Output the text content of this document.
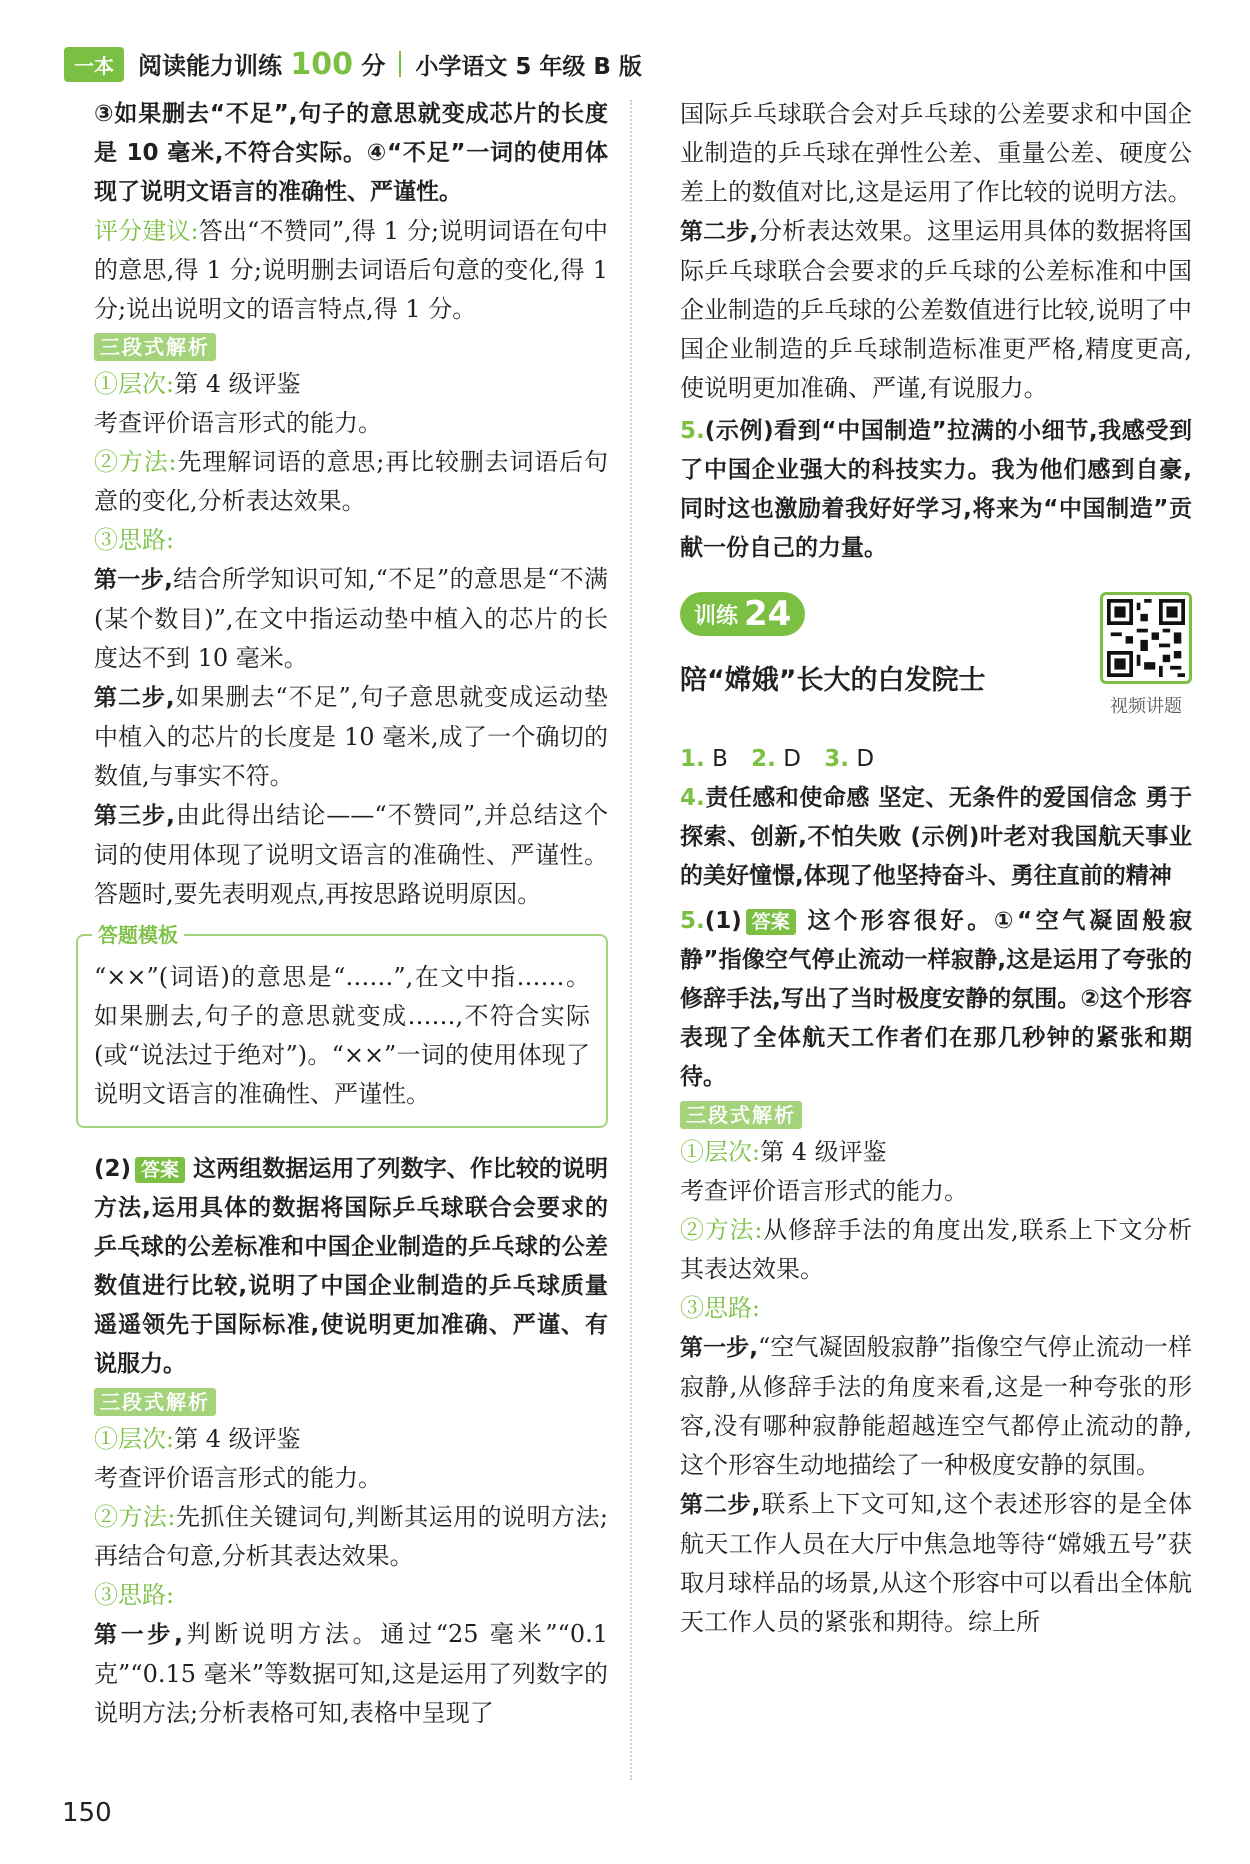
一本	阅读能力训练 100 分 小学语文 5 年级 B 版

③如果删去“不足”,句子的意思就变成芯片的长度是 10 毫米,不符合实际。④“不足”一词的使用体现了说明文语言的准确性、严谨性。

评分建议:答出“不赞同”,得 1 分;说明词语在句中的意思,得 1 分;说明删去词语后句意的变化,得 1 分;说出说明文的语言特点,得 1 分。

三段式解析

①层次:第 4 级评鉴

考查评价语言形式的能力。

②方法:先理解词语的意思;再比较删去词语后句意的变化,分析表达效果。

③思路:

第一步,结合所学知识可知,“不足”的意思是“不满(某个数目)”,在文中指运动垫中植入的芯片的长度达不到 10 毫米。

第二步,如果删去“不足”,句子意思就变成运动垫中植入的芯片的长度是 10 毫米,成了一个确切的数值,与事实不符。

第三步,由此得出结论——“不赞同”,并总结这个词的使用体现了说明文语言的准确性、严谨性。答题时,要先表明观点,再按思路说明原因。

答题模板

“××”(词语)的意思是“……”,在文中指……。如果删去,句子的意思就变成……,不符合实际(或“说法过于绝对”)。“××”一词的使用体现了说明文语言的准确性、严谨性。

(2) 答案 这两组数据运用了列数字、作比较的说明方法,运用具体的数据将国际乒乓球联合会要求的乒乓球的公差标准和中国企业制造的乒乓球的公差数值进行比较,说明了中国企业制造的乒乓球质量遥遥领先于国际标准,使说明更加准确、严谨、有说服力。

三段式解析

①层次:第 4 级评鉴

考查评价语言形式的能力。

②方法:先抓住关键词句,判断其运用的说明方法;再结合句意,分析其表达效果。

③思路:

第一步,判断说明方法。通过“25 毫米”“0.1 克”“0.15 毫米”等数据可知,这是运用了列数字的说明方法;分析表格可知,表格中呈现了

国际乒乓球联合会对乒乓球的公差要求和中国企业制造的乒乓球在弹性公差、重量公差、硬度公差上的数值对比,这是运用了作比较的说明方法。

第二步,分析表达效果。这里运用具体的数据将国际乒乓球联合会要求的乒乓球的公差标准和中国企业制造的乒乓球的公差数值进行比较,说明了中国企业制造的乒乓球制造标准更严格,精度更高,使说明更加准确、严谨,有说服力。

5.(示例)看到“中国制造”拉满的小细节,我感受到了中国企业强大的科技实力。我为他们感到自豪,同时这也激励着我好好学习,将来为“中国制造”贡献一份自己的力量。

训练 24
陪“嫦娥”长大的白发院士
视频讲题
1. B 2. D 3. D

4.责任感和使命感 坚定、无条件的爱国信念 勇于探索、创新,不怕失败 (示例)叶老对我国航天事业的美好憧憬,体现了他坚持奋斗、勇往直前的精神

5.(1) 答案 这个形容很好。①“空气凝固般寂静”指像空气停止流动一样寂静,这是运用了夸张的修辞手法,写出了当时极度安静的氛围。②这个形容表现了全体航天工作者们在那几秒钟的紧张和期待。

三段式解析

①层次:第 4 级评鉴

考查评价语言形式的能力。

②方法:从修辞手法的角度出发,联系上下文分析其表达效果。

③思路:

第一步,“空气凝固般寂静”指像空气停止流动一样寂静,从修辞手法的角度来看,这是一种夸张的形容,没有哪种寂静能超越连空气都停止流动的静,这个形容生动地描绘了一种极度安静的氛围。

第二步,联系上下文可知,这个表述形容的是全体航天工作人员在大厅中焦急地等待“嫦娥五号”获取月球样品的场景,从这个形容中可以看出全体航天工作人员的紧张和期待。综上所

150
